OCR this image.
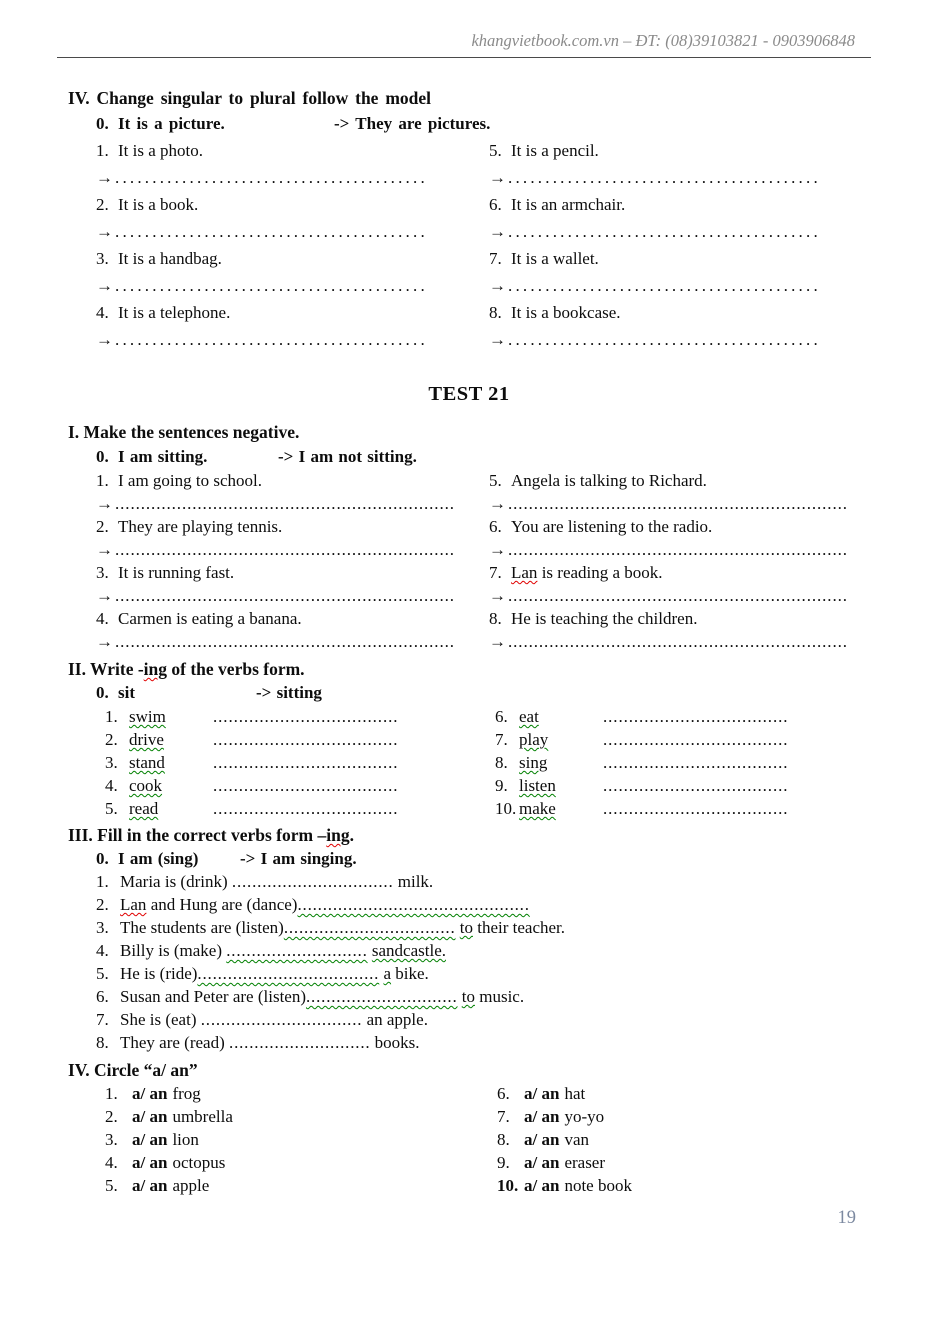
khangvietbook.com.vn – ĐT: (08)39103821 - 0903906848
IV. Change singular to plural follow the model
0. It is a picture.	-> They are pictures.
1. It is a photo.
→ ..........................................
5. It is a pencil.
→ ..........................................
2. It is a book.
→ ..........................................
6. It is an armchair.
→ ..........................................
3. It is a handbag.
→ ..........................................
7. It is a wallet.
→ ..........................................
4. It is a telephone.
→ ..........................................
8. It is a bookcase.
→ ..........................................
TEST 21
I. Make the sentences negative.
0. I am sitting.	-> I am not sitting.
1. I am going to school.
→ ..................................................................
5. Angela is talking to Richard.
→ ..................................................................
2. They are playing tennis.
→ ..................................................................
6. You are listening to the radio.
→ ..................................................................
3. It is running fast.
→ ..................................................................
7. Lan is reading a book.
→ ..................................................................
4. Carmen is eating a banana.
→ ..................................................................
8. He is teaching the children.
→ ..................................................................
II. Write -ing of the verbs form.
0. sit	-> sitting
1. swim	....................................	6. eat	....................................
2. drive	....................................	7. play	....................................
3. stand	....................................	8. sing	....................................
4. cook	....................................	9. listen	....................................
5. read	....................................	10. make	....................................
III. Fill in the correct verbs form –ing.
0. I am (sing) -> I am singing.
1. Maria is (drink) ................................ milk.
2. Lan and Hung are (dance)..............................................
3. The students are (listen).................................. to their teacher.
4. Billy is (make) ............................ sandcastle.
5. He is (ride).................................... a bike.
6. Susan and Peter are (listen).............................. to music.
7. She is (eat) ................................ an apple.
8. They are (read) ............................ books.
IV. Circle “a/ an”
1. a/ an frog	6. a/ an hat
2. a/ an umbrella	7. a/ an yo-yo
3. a/ an lion	8. a/ an van
4. a/ an octopus	9. a/ an eraser
5. a/ an apple	10. a/ an note book
19
